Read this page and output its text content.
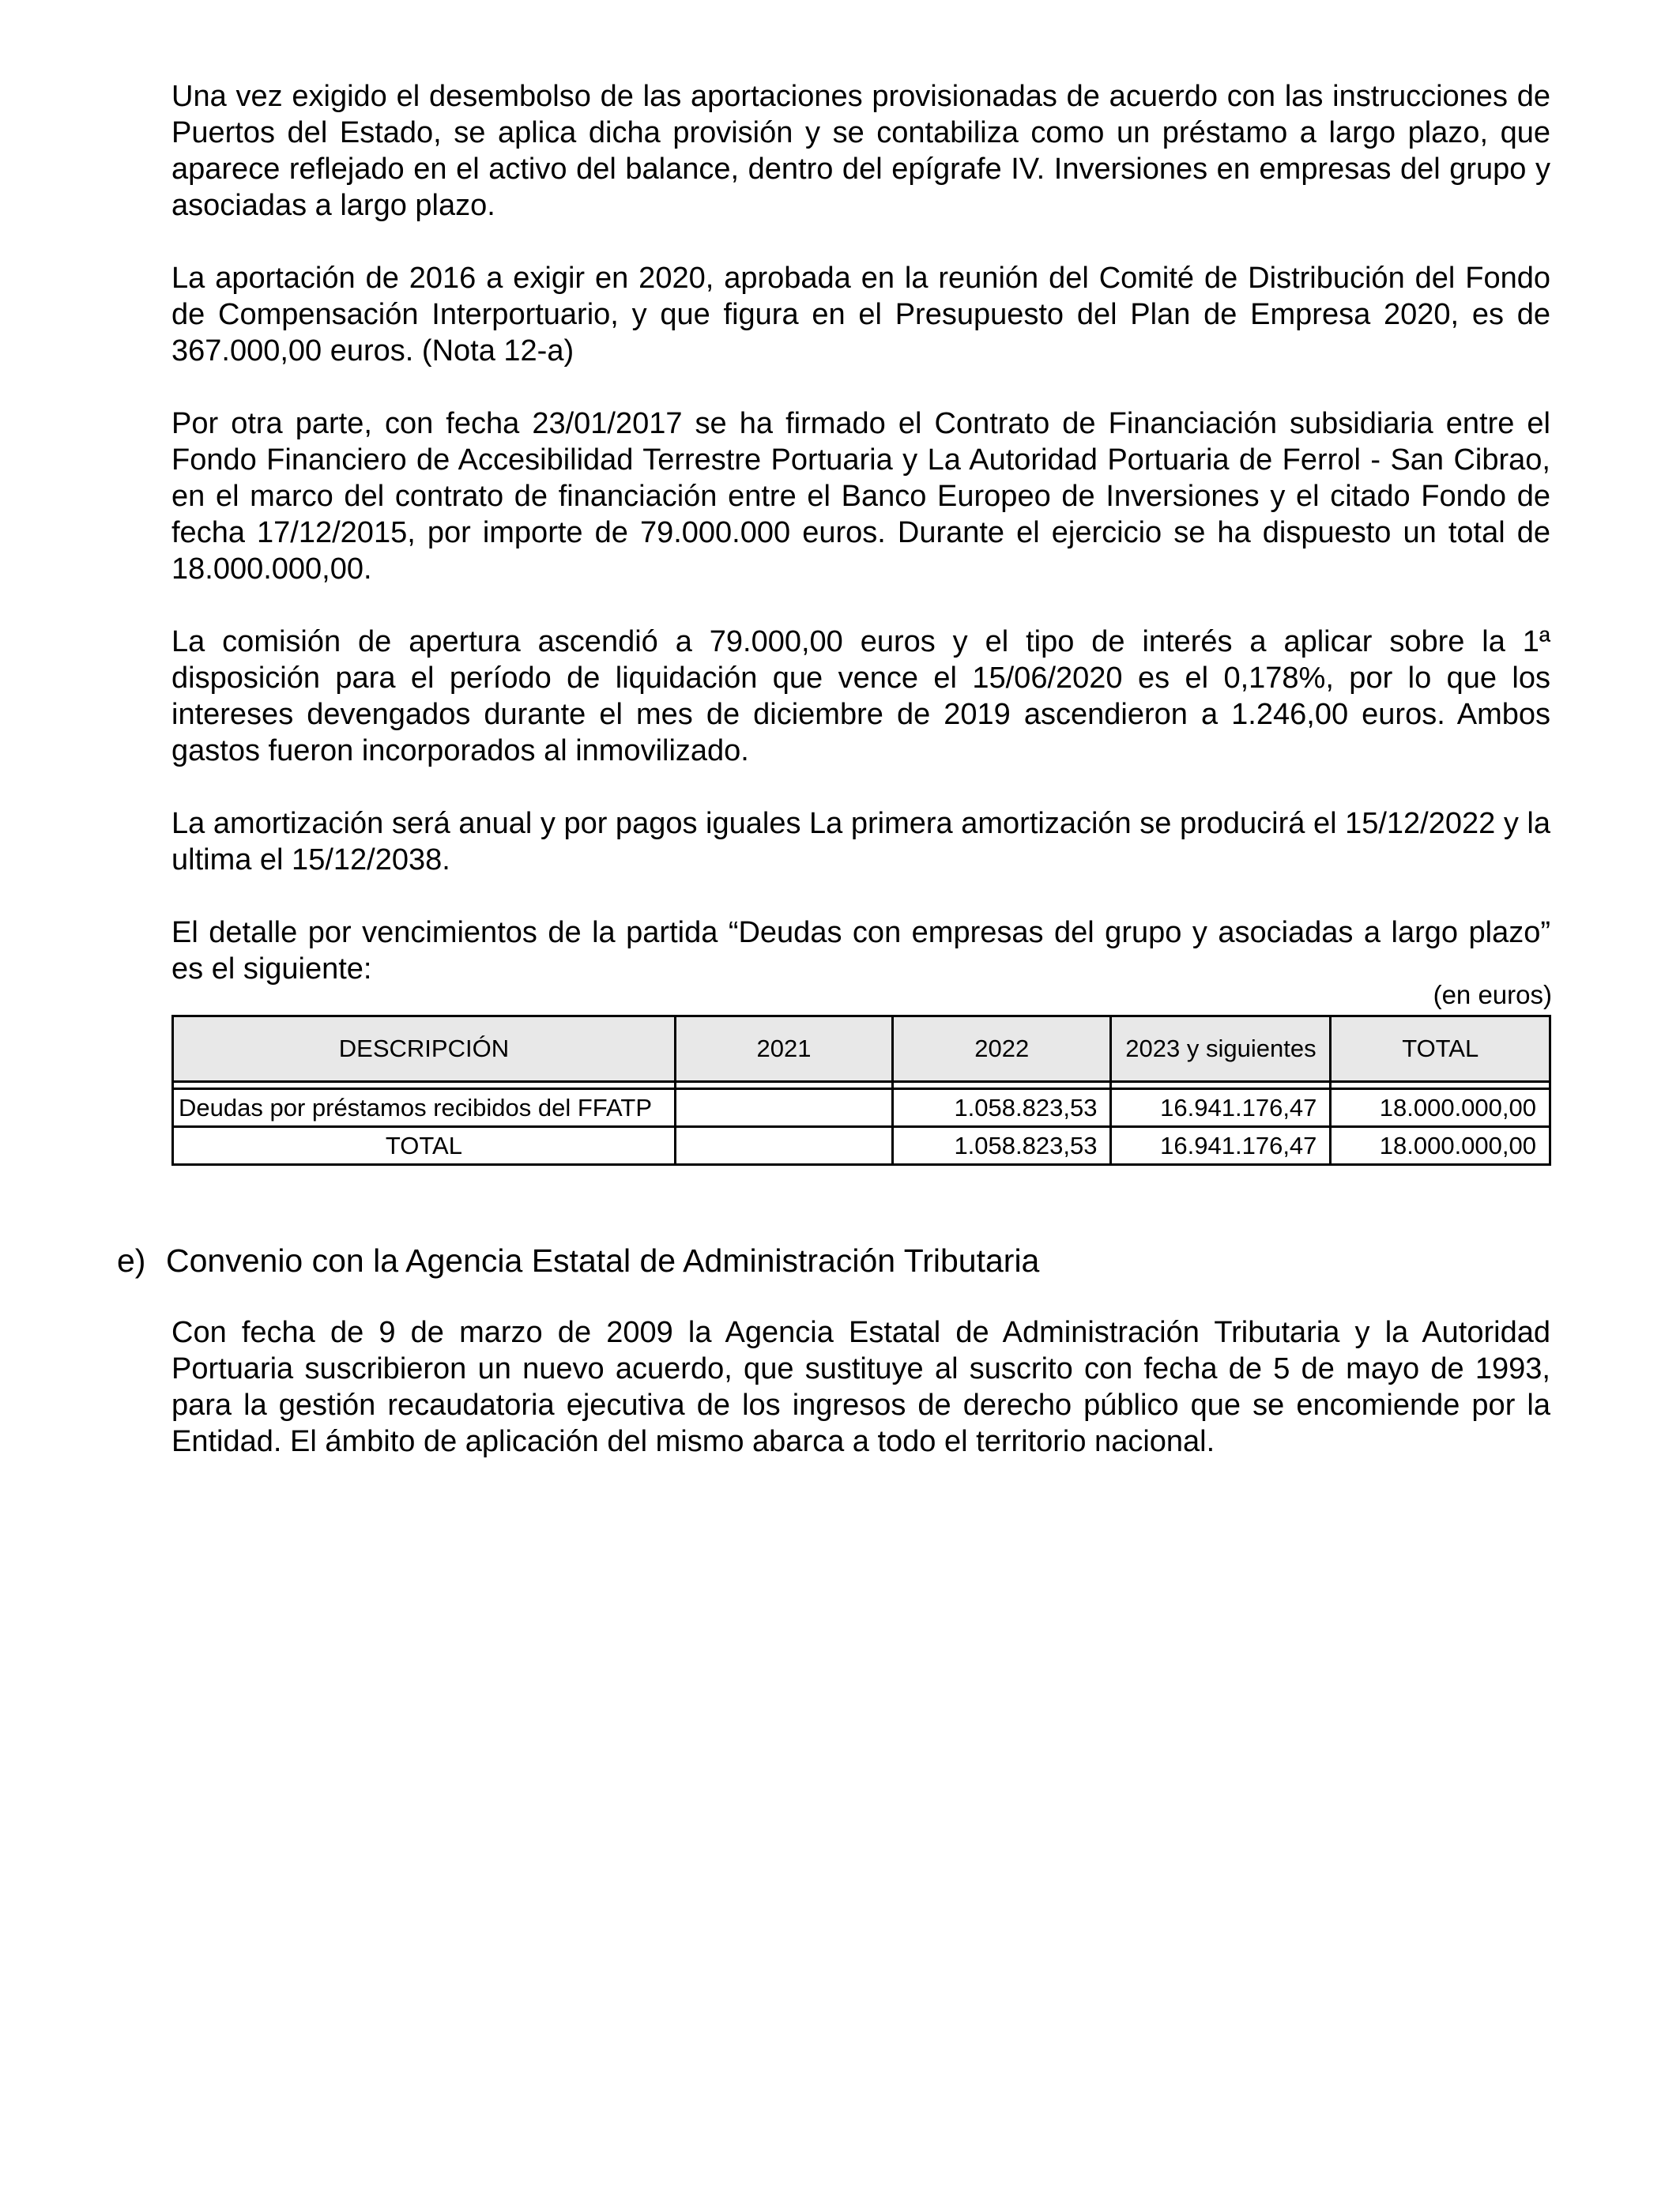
Una vez exigido el desembolso de las aportaciones provisionadas de acuerdo con las instrucciones de Puertos del Estado, se aplica dicha provisión y se contabiliza como un préstamo a largo plazo, que aparece reflejado en el activo del balance, dentro del epígrafe IV. Inversiones en empresas del grupo y asociadas a largo plazo.

La aportación de 2016 a exigir en 2020, aprobada en la reunión del Comité de Distribución del Fondo de Compensación Interportuario, y que figura en el Presupuesto del Plan de Empresa 2020, es de 367.000,00 euros. (Nota 12-a)

Por otra parte, con fecha 23/01/2017 se ha firmado el Contrato de Financiación subsidiaria entre el Fondo Financiero de Accesibilidad Terrestre Portuaria y La Autoridad Portuaria de Ferrol - San Cibrao, en el marco del contrato de financiación entre el Banco Europeo de Inversiones y el citado Fondo de fecha 17/12/2015, por importe de 79.000.000 euros. Durante el ejercicio se ha dispuesto un total de 18.000.000,00.

La comisión de apertura ascendió a 79.000,00 euros y el tipo de interés a aplicar sobre la 1ª disposición para el período de liquidación que vence el 15/06/2020 es el 0,178%, por lo que los intereses devengados durante el mes de diciembre de 2019 ascendieron a 1.246,00 euros. Ambos gastos fueron incorporados al inmovilizado.

La amortización será anual y por pagos iguales La primera amortización se producirá el 15/12/2022 y la ultima el 15/12/2038.

El detalle por vencimientos de la partida “Deudas con empresas del grupo y asociadas a largo plazo” es el siguiente:

(en euros)
DESCRIPCIÓN	2021	2022	2023 y siguientes	TOTAL

Deudas por préstamos recibidos del FFATP		1.058.823,53	16.941.176,47	18.000.000,00
TOTAL		1.058.823,53	16.941.176,47	18.000.000,00
e) Convenio con la Agencia Estatal de Administración Tributaria

Con fecha de 9 de marzo de 2009 la Agencia Estatal de Administración Tributaria y la Autoridad Portuaria suscribieron un nuevo acuerdo, que sustituye al suscrito con fecha de 5 de mayo de 1993, para la gestión recaudatoria ejecutiva de los ingresos de derecho público que se encomiende por la Entidad. El ámbito de aplicación del mismo abarca a todo el territorio nacional.
